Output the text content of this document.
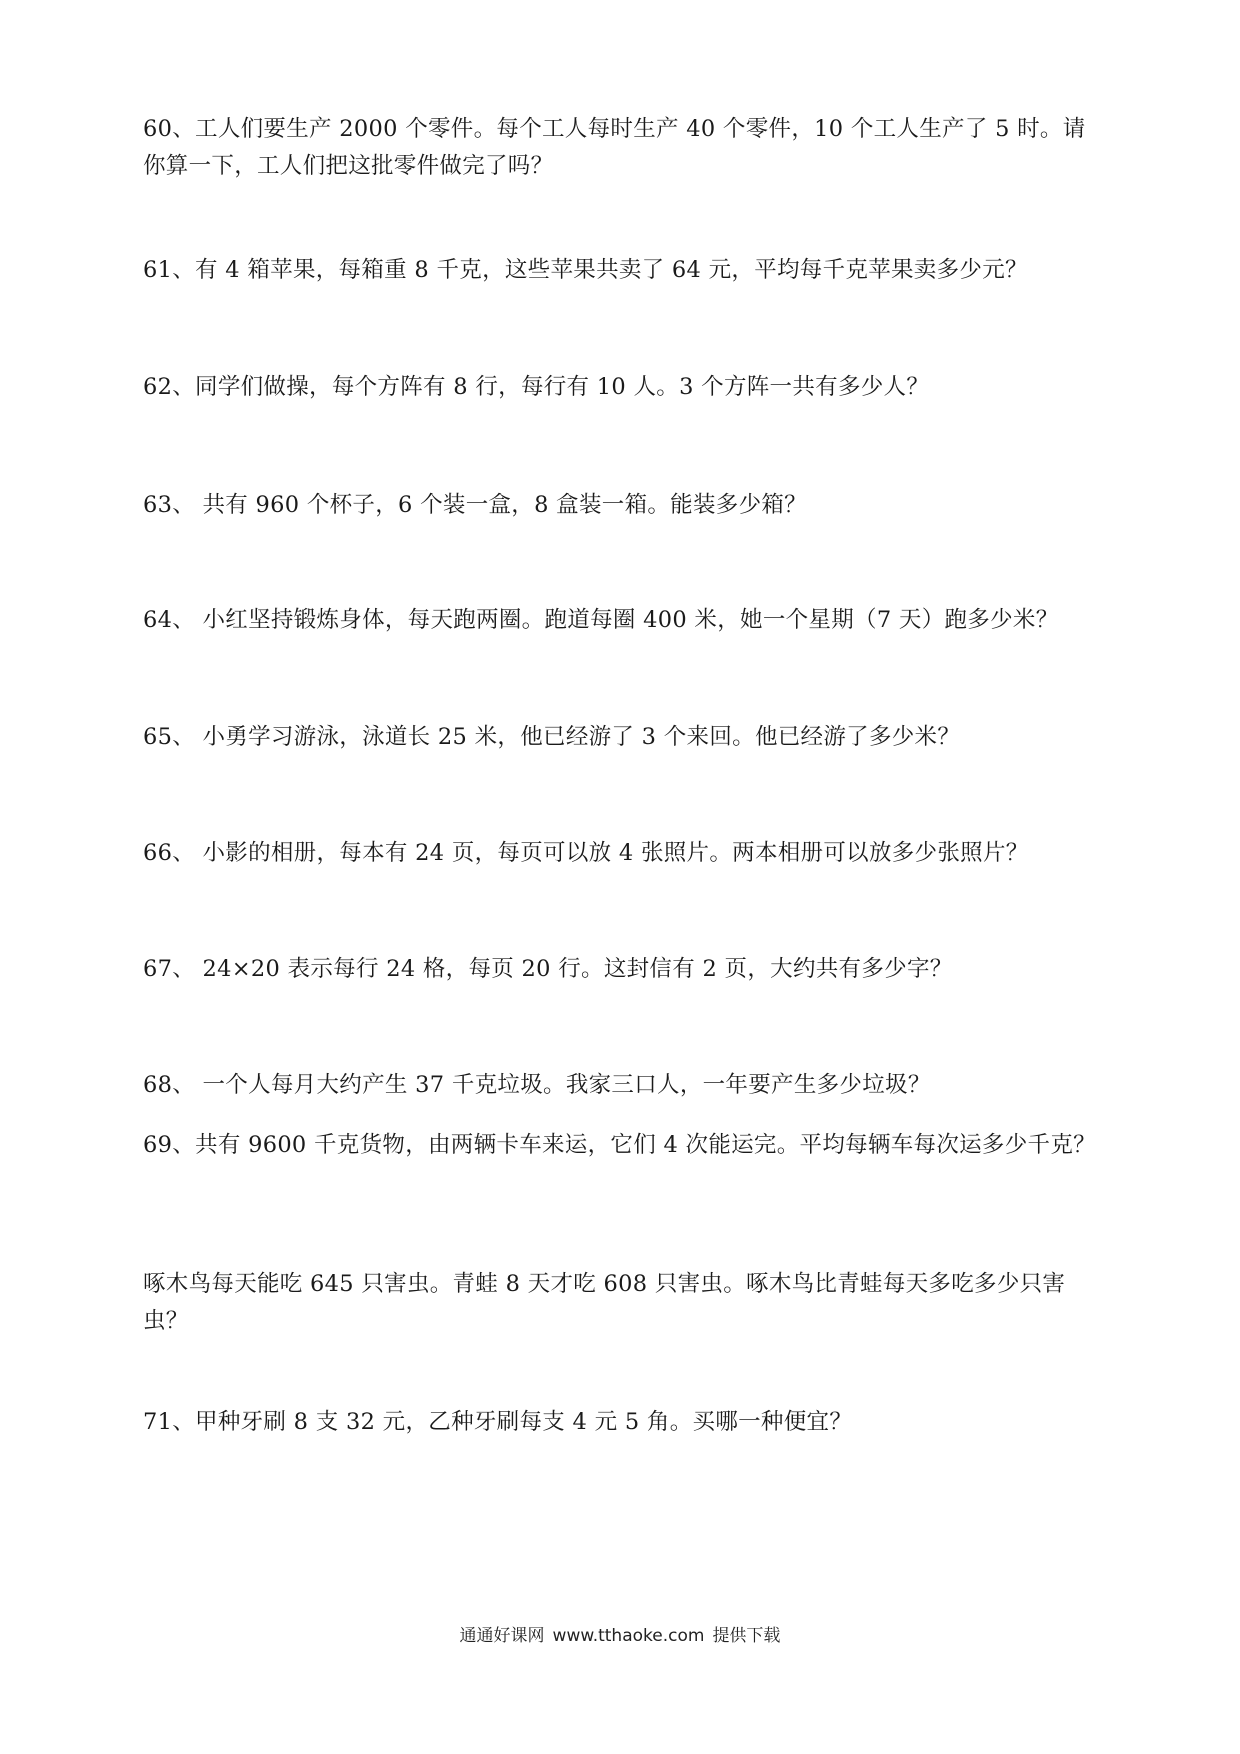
60、工人们要生产 2000 个零件。每个工人每时生产 40 个零件，10 个工人生产了 5 时。请你算一下，工人们把这批零件做完了吗？
61、有 4 箱苹果，每箱重 8 千克，这些苹果共卖了 64 元，平均每千克苹果卖多少元？
62、同学们做操，每个方阵有 8 行，每行有 10 人。3 个方阵一共有多少人？
63、 共有 960 个杯子，6 个装一盒，8 盒装一箱。能装多少箱？
64、 小红坚持锻炼身体，每天跑两圈。跑道每圈 400 米，她一个星期（7 天）跑多少米？
65、 小勇学习游泳，泳道长 25 米，他已经游了 3 个来回。他已经游了多少米？
66、 小影的相册，每本有 24 页，每页可以放 4 张照片。两本相册可以放多少张照片？
67、 24×20 表示每行 24 格，每页 20 行。这封信有 2 页，大约共有多少字？
68、 一个人每月大约产生 37 千克垃圾。我家三口人，一年要产生多少垃圾？
69、共有 9600 千克货物，由两辆卡车来运，它们 4 次能运完。平均每辆车每次运多少千克？
啄木鸟每天能吃 645 只害虫。青蛙 8 天才吃 608 只害虫。啄木鸟比青蛙每天多吃多少只害虫？
71、甲种牙刷 8 支 32 元，乙种牙刷每支 4 元 5 角。买哪一种便宜？
通通好课网 www.tthaoke.com 提供下载
